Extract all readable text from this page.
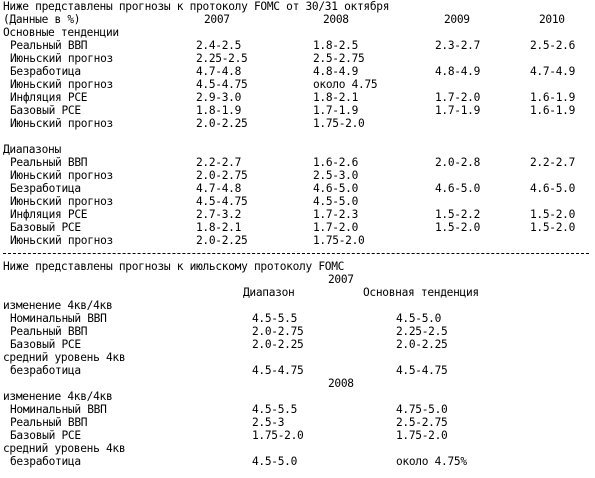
Ниже представлены прогнозы к протоколу FOMC от 30/31 октября
(Данные в %)	2007	2008	2009	2010
Основные тенденции
Реальный ВВП	2.4-2.5	1.8-2.5	2.3-2.7	2.5-2.6
Июньский прогноз	2.25-2.5	2.5-2.75
Безработица	4.7-4.8	4.8-4.9	4.8-4.9	4.7-4.9
Июньский прогноз	4.5-4.75	около 4.75
Инфляция PCE	2.9-3.0	1.8-2.1	1.7-2.0	1.6-1.9
Базовый PCE	1.8-1.9	1.7-1.9	1.7-1.9	1.6-1.9
Июньский прогноз	2.0-2.25	1.75-2.0
Диапазоны
Реальный ВВП	2.2-2.7	1.6-2.6	2.0-2.8	2.2-2.7
Июньский прогноз	2.0-2.75	2.5-3.0
Безработица	4.7-4.8	4.6-5.0	4.6-5.0	4.6-5.0
Июньский прогноз	4.5-4.75	4.5-5.0
Инфляция PCE	2.7-3.2	1.7-2.3	1.5-2.2	1.5-2.0
Базовый PCE	1.8-2.1	1.7-2.0	1.5-2.0	1.5-2.0
Июньский прогноз	2.0-2.25	1.75-2.0
Ниже представлены прогнозы к июльскому протоколу FOMC
2007
Диапазон	Основная тенденция
изменение 4кв/4кв
Номинальный ВВП	4.5-5.5	4.5-5.0
Реальный ВВП	2.0-2.75	2.25-2.5
Базовый PCE	2.0-2.25	2.0-2.25
средний уровень 4кв
безработица	4.5-4.75	4.5-4.75
2008
изменение 4кв/4кв
Номинальный ВВП	4.5-5.5	4.75-5.0
Реальный ВВП	2.5-3	2.5-2.75
Базовый PCE	1.75-2.0	1.75-2.0
средний уровень 4кв
безработица	4.5-5.0	около 4.75%
